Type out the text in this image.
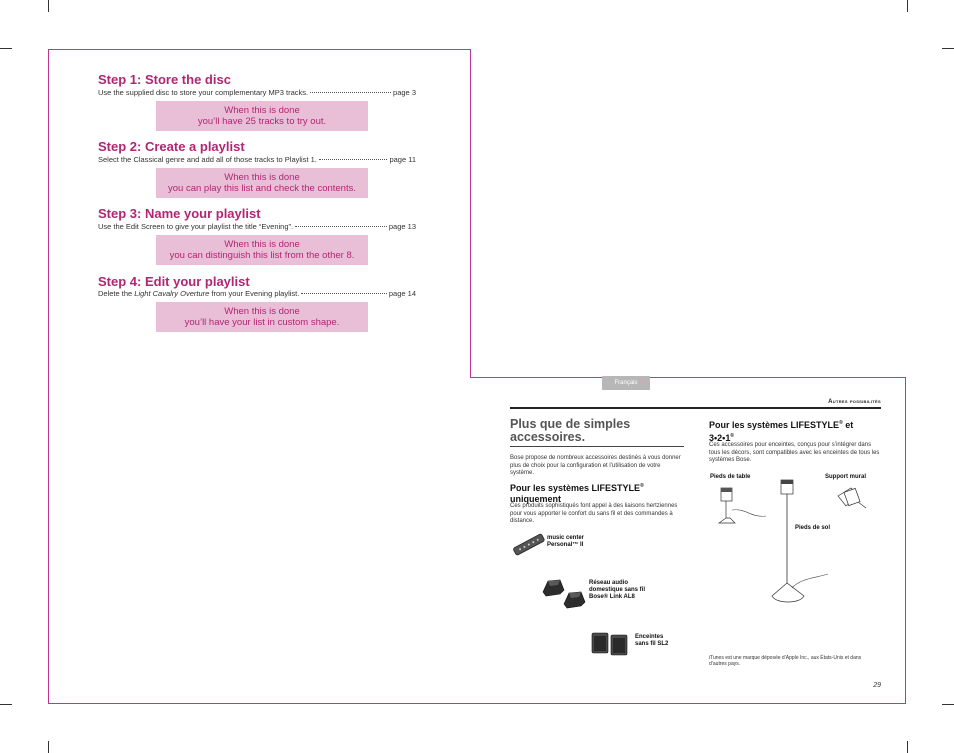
Step 1: Store the disc
Use the supplied disc to store your complementary MP3 tracks.	page 3
When this is done
you’ll have 25 tracks to try out.
Step 2: Create a playlist
Select the Classical genre and add all of those tracks to Playlist 1.	page 11
When this is done
you can play this list and check the contents.
Step 3: Name your playlist
Use the Edit Screen to give your playlist the title “Evening”.	page 13
When this is done
you can distinguish this list from the other 8.
Step 4: Edit your playlist
Delete the Light Cavalry Overture from your Evening playlist.	page 14
When this is done
you’ll have your list in custom shape.
Français
Autres possibilités
Plus que de simples
accessoires.
Bose propose de nombreux accessoires destinés à vous donner plus de choix pour la configuration et l’utilisation de votre système.
Pour les systèmes LIFESTYLE®
uniquement
Ces produits sophistiqués font appel à des liaisons hertziennes pour vous apporter le confort du sans fil et des commandes à distance.
music center
Personal™ II
Réseau audio
domestique sans fil
Bose® Link AL8
Enceintes
sans fil SL2
Pour les systèmes LIFESTYLE® et
3•2•1®
Ces accessoires pour enceintes, conçus pour s’intégrer dans tous les décors, sont compatibles avec les enceintes de tous les systèmes Bose.
Pieds de table	Support mural
Pieds de sol
iTunes est une marque déposée d’Apple Inc., aux États-Unis et dans d’autres pays.
29
